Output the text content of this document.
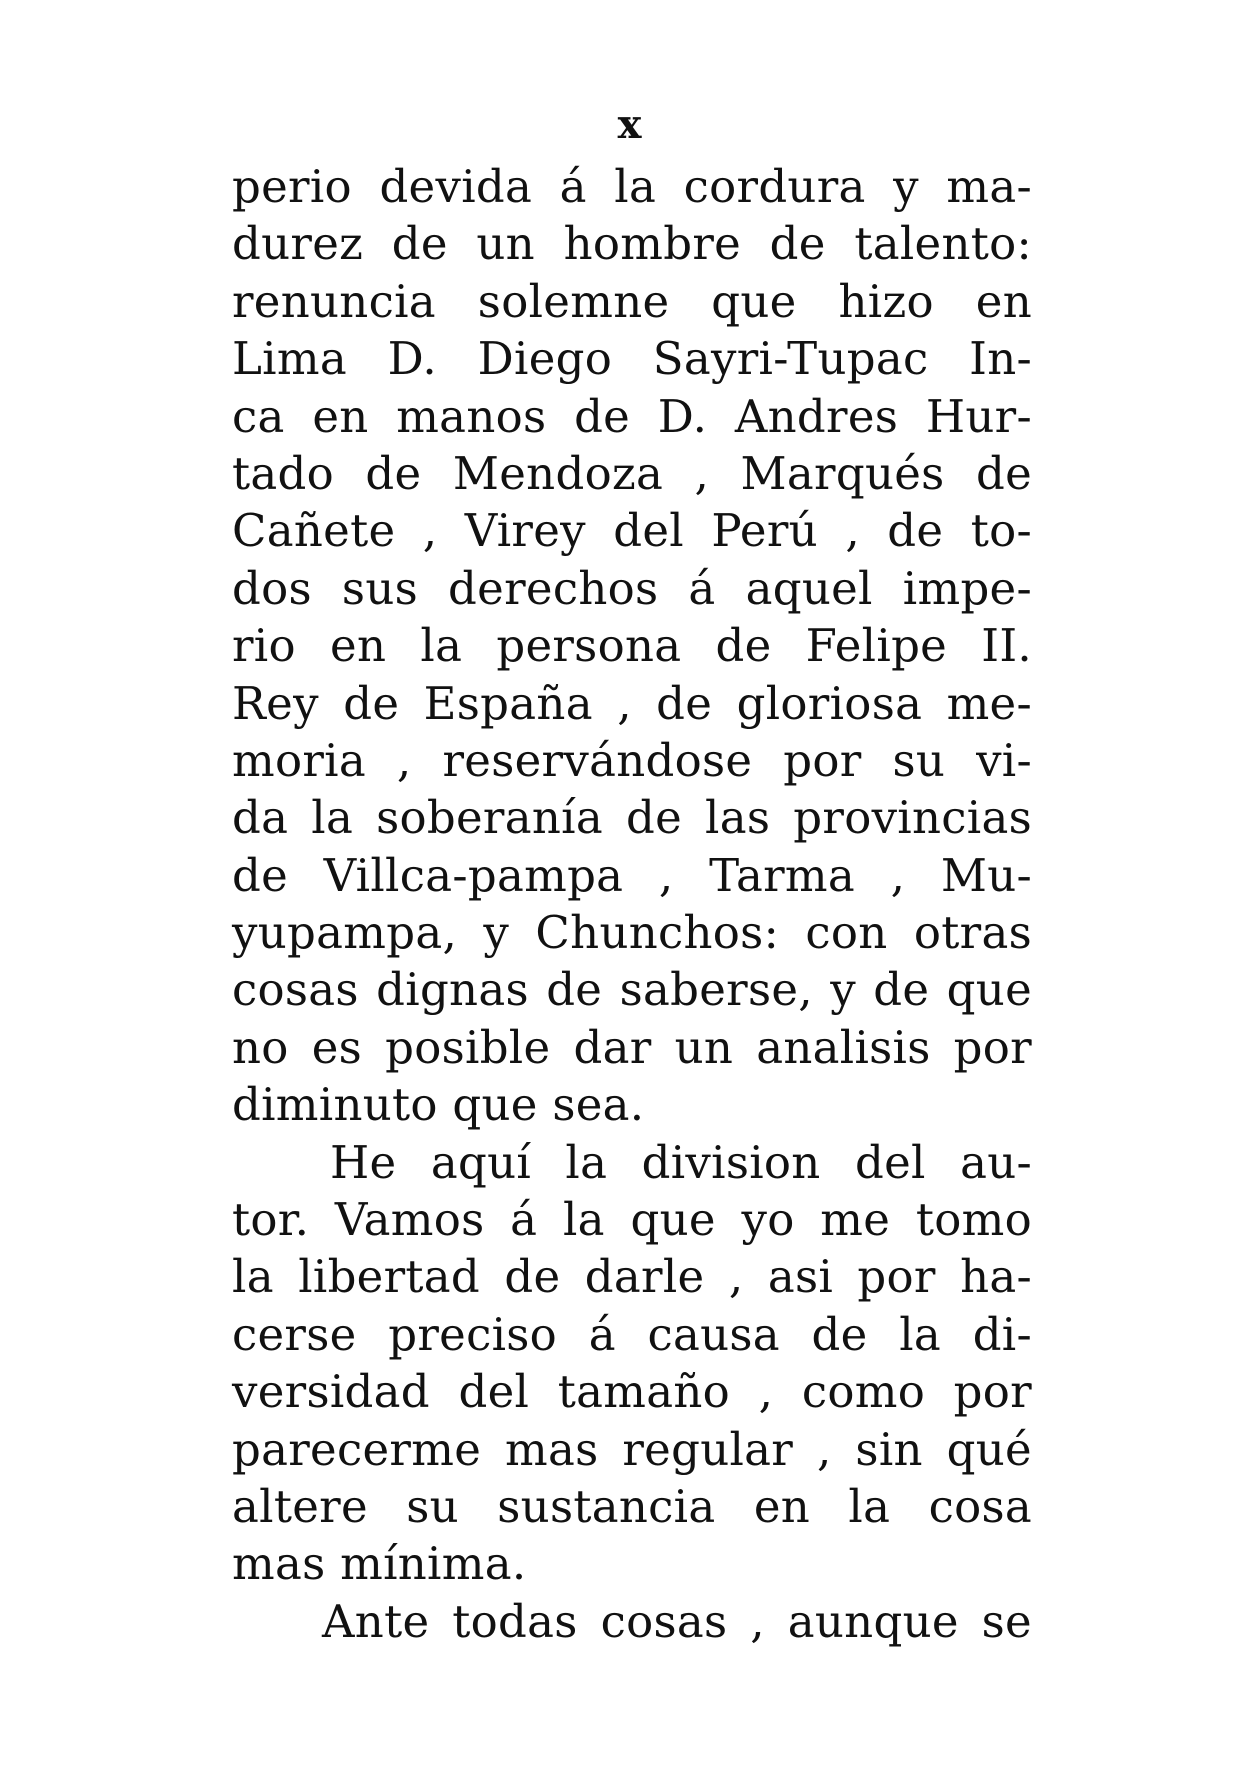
x
perio devida á la cordura y ma-
durez de un hombre de talento:
renuncia solemne que hizo en
Lima D. Diego Sayri-Tupac In-
ca en manos de D. Andres Hur-
tado de Mendoza , Marqués de
Cañete , Virey del Perú , de to-
dos sus derechos á aquel impe-
rio en la persona de Felipe II.
Rey de España , de gloriosa me-
moria , reservándose por su vi-
da la soberanía de las provincias
de Villca-pampa , Tarma , Mu-
yupampa, y Chunchos: con otras
cosas dignas de saberse, y de que
no es posible dar un analisis por
diminuto que sea.
He aquí la division del au-
tor. Vamos á la que yo me tomo
la libertad de darle , asi por ha-
cerse preciso á causa de la di-
versidad del tamaño , como por
parecerme mas regular , sin qué
altere su sustancia en la cosa
mas mínima.
Ante todas cosas , aunque se
